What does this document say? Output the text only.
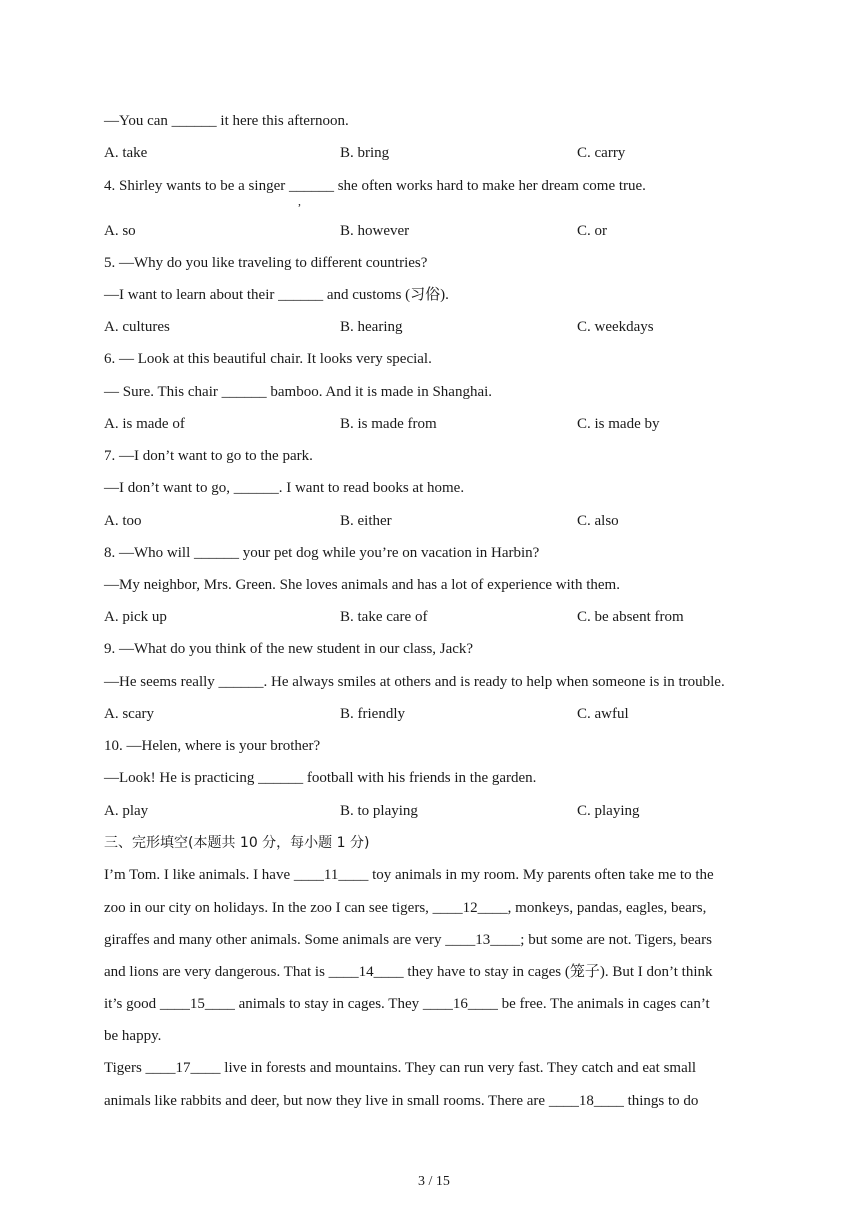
—You can ______ it here this afternoon.
A. take	B. bring	C. carry
4. Shirley wants to be a singer ______ she often works hard to make her dream come true.
,
A. so	B. however	C. or
5. —Why do you like traveling to different countries?
—I want to learn about their ______ and customs (习俗).
A. cultures	B. hearing	C. weekdays
6. — Look at this beautiful chair. It looks very special.
— Sure. This chair ______ bamboo. And it is made in Shanghai.
A. is made of	B. is made from	C. is made by
7. —I don’t want to go to the park.
—I don’t want to go, ______. I want to read books at home.
A. too	B. either	C. also
8. —Who will ______ your pet dog while you’re on vacation in Harbin?
—My neighbor, Mrs. Green. She loves animals and has a lot of experience with them.
A. pick up	B. take care of	C. be absent from
9. —What do you think of the new student in our class, Jack?
—He seems really ______. He always smiles at others and is ready to help when someone is in trouble.
A. scary	B. friendly	C. awful
10. —Helen, where is your brother?
—Look! He is practicing ______ football with his friends in the garden.
A. play	B. to playing	C. playing
三、完形填空(本题共 10 分，每小题 1 分)
I’m Tom. I like animals. I have ____11____ toy animals in my room. My parents often take me to the
zoo in our city on holidays. In the zoo I can see tigers, ____12____, monkeys, pandas, eagles, bears,
giraffes and many other animals. Some animals are very ____13____; but some are not. Tigers, bears
and lions are very dangerous. That is ____14____ they have to stay in cages (笼子). But I don’t think
it’s good ____15____ animals to stay in cages. They ____16____ be free. The animals in cages can’t
be happy.
Tigers ____17____ live in forests and mountains. They can run very fast. They catch and eat small
animals like rabbits and deer, but now they live in small rooms. There are ____18____ things to do
3 / 15
